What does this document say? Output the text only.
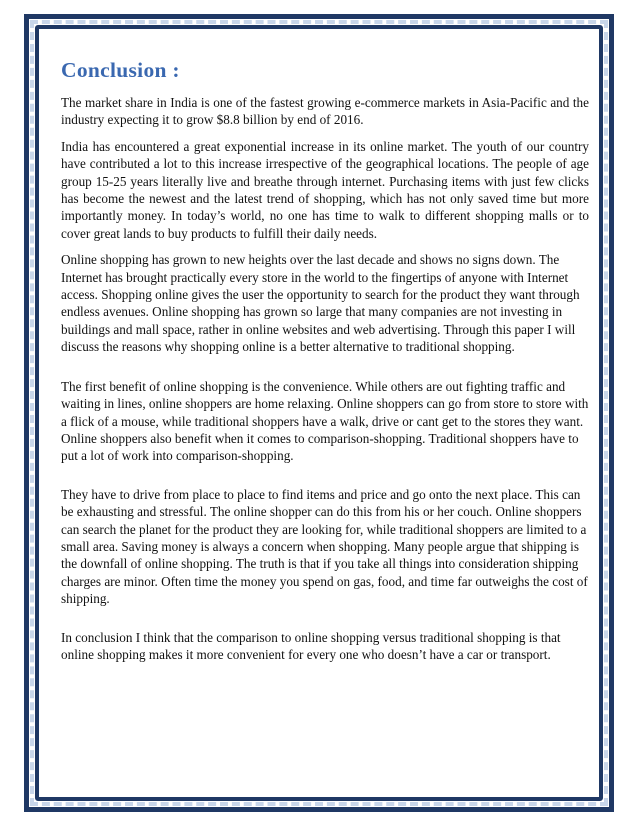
Conclusion :

The market share in India is one of the fastest growing e-commerce markets in Asia-Pacific and the industry expecting it to grow $8.8 billion by end of 2016.

India has encountered a great exponential increase in its online market. The youth of our country have contributed a lot to this increase irrespective of the geographical locations. The people of age group 15-25 years literally live and breathe through internet. Purchasing items with just few clicks has become the newest and the latest trend of shopping, which has not only saved time but more importantly money. In today’s world, no one has time to walk to different shopping malls or to cover great lands to buy products to fulfill their daily needs.

Online shopping has grown to new heights over the last decade and shows no signs down. The Internet has brought practically every store in the world to the fingertips of anyone with Internet access. Shopping online gives the user the opportunity to search for the product they want through endless avenues. Online shopping has grown so large that many companies are not investing in buildings and mall space, rather in online websites and web advertising. Through this paper I will discuss the reasons why shopping online is a better alternative to traditional shopping.

The first benefit of online shopping is the convenience. While others are out fighting traffic and waiting in lines, online shoppers are home relaxing. Online shoppers can go from store to store with a flick of a mouse, while traditional shoppers have a walk, drive or cant get to the stores they want. Online shoppers also benefit when it comes to comparison-shopping. Traditional shoppers have to put a lot of work into comparison-shopping.

They have to drive from place to place to find items and price and go onto the next place. This can be exhausting and stressful. The online shopper can do this from his or her couch. Online shoppers can search the planet for the product they are looking for, while traditional shoppers are limited to a small area. Saving money is always a concern when shopping. Many people argue that shipping is the downfall of online shopping. The truth is that if you take all things into consideration shipping charges are minor. Often time the money you spend on gas, food, and time far outweighs the cost of shipping.

In conclusion I think that the comparison to online shopping versus traditional shopping is that online shopping makes it more convenient for every one who doesn’t have a car or transport.
